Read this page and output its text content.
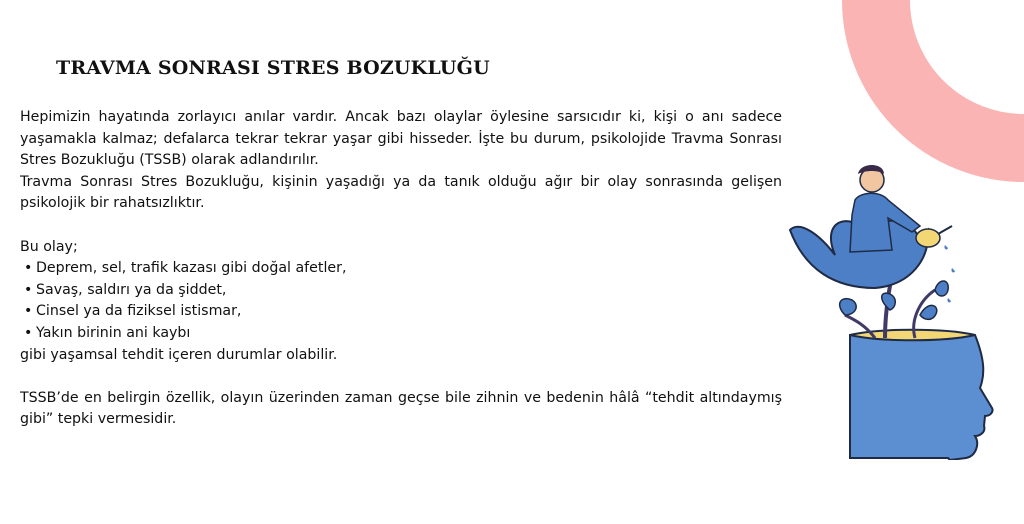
TRAVMA SONRASI STRES BOZUKLUĞU

Hepimizin hayatında zorlayıcı anılar vardır. Ancak bazı olaylar öylesine sarsıcıdır ki, kişi o anı sadece yaşamakla kalmaz; defalarca tekrar tekrar yaşar gibi hisseder. İşte bu durum, psikolojide Travma Sonrası Stres Bozukluğu (TSSB) olarak adlandırılır.

Travma Sonrası Stres Bozukluğu, kişinin yaşadığı ya da tanık olduğu ağır bir olay sonrasında gelişen psikolojik bir rahatsızlıktır.

Bu olay;

• Deprem, sel, trafik kazası gibi doğal afetler,
• Savaş, saldırı ya da şiddet,
• Cinsel ya da fiziksel istismar,
• Yakın birinin ani kaybı

gibi yaşamsal tehdit içeren durumlar olabilir.

TSSB’de en belirgin özellik, olayın üzerinden zaman geçse bile zihnin ve bedenin hâlâ “tehdit altındaymış gibi” tepki vermesidir.
